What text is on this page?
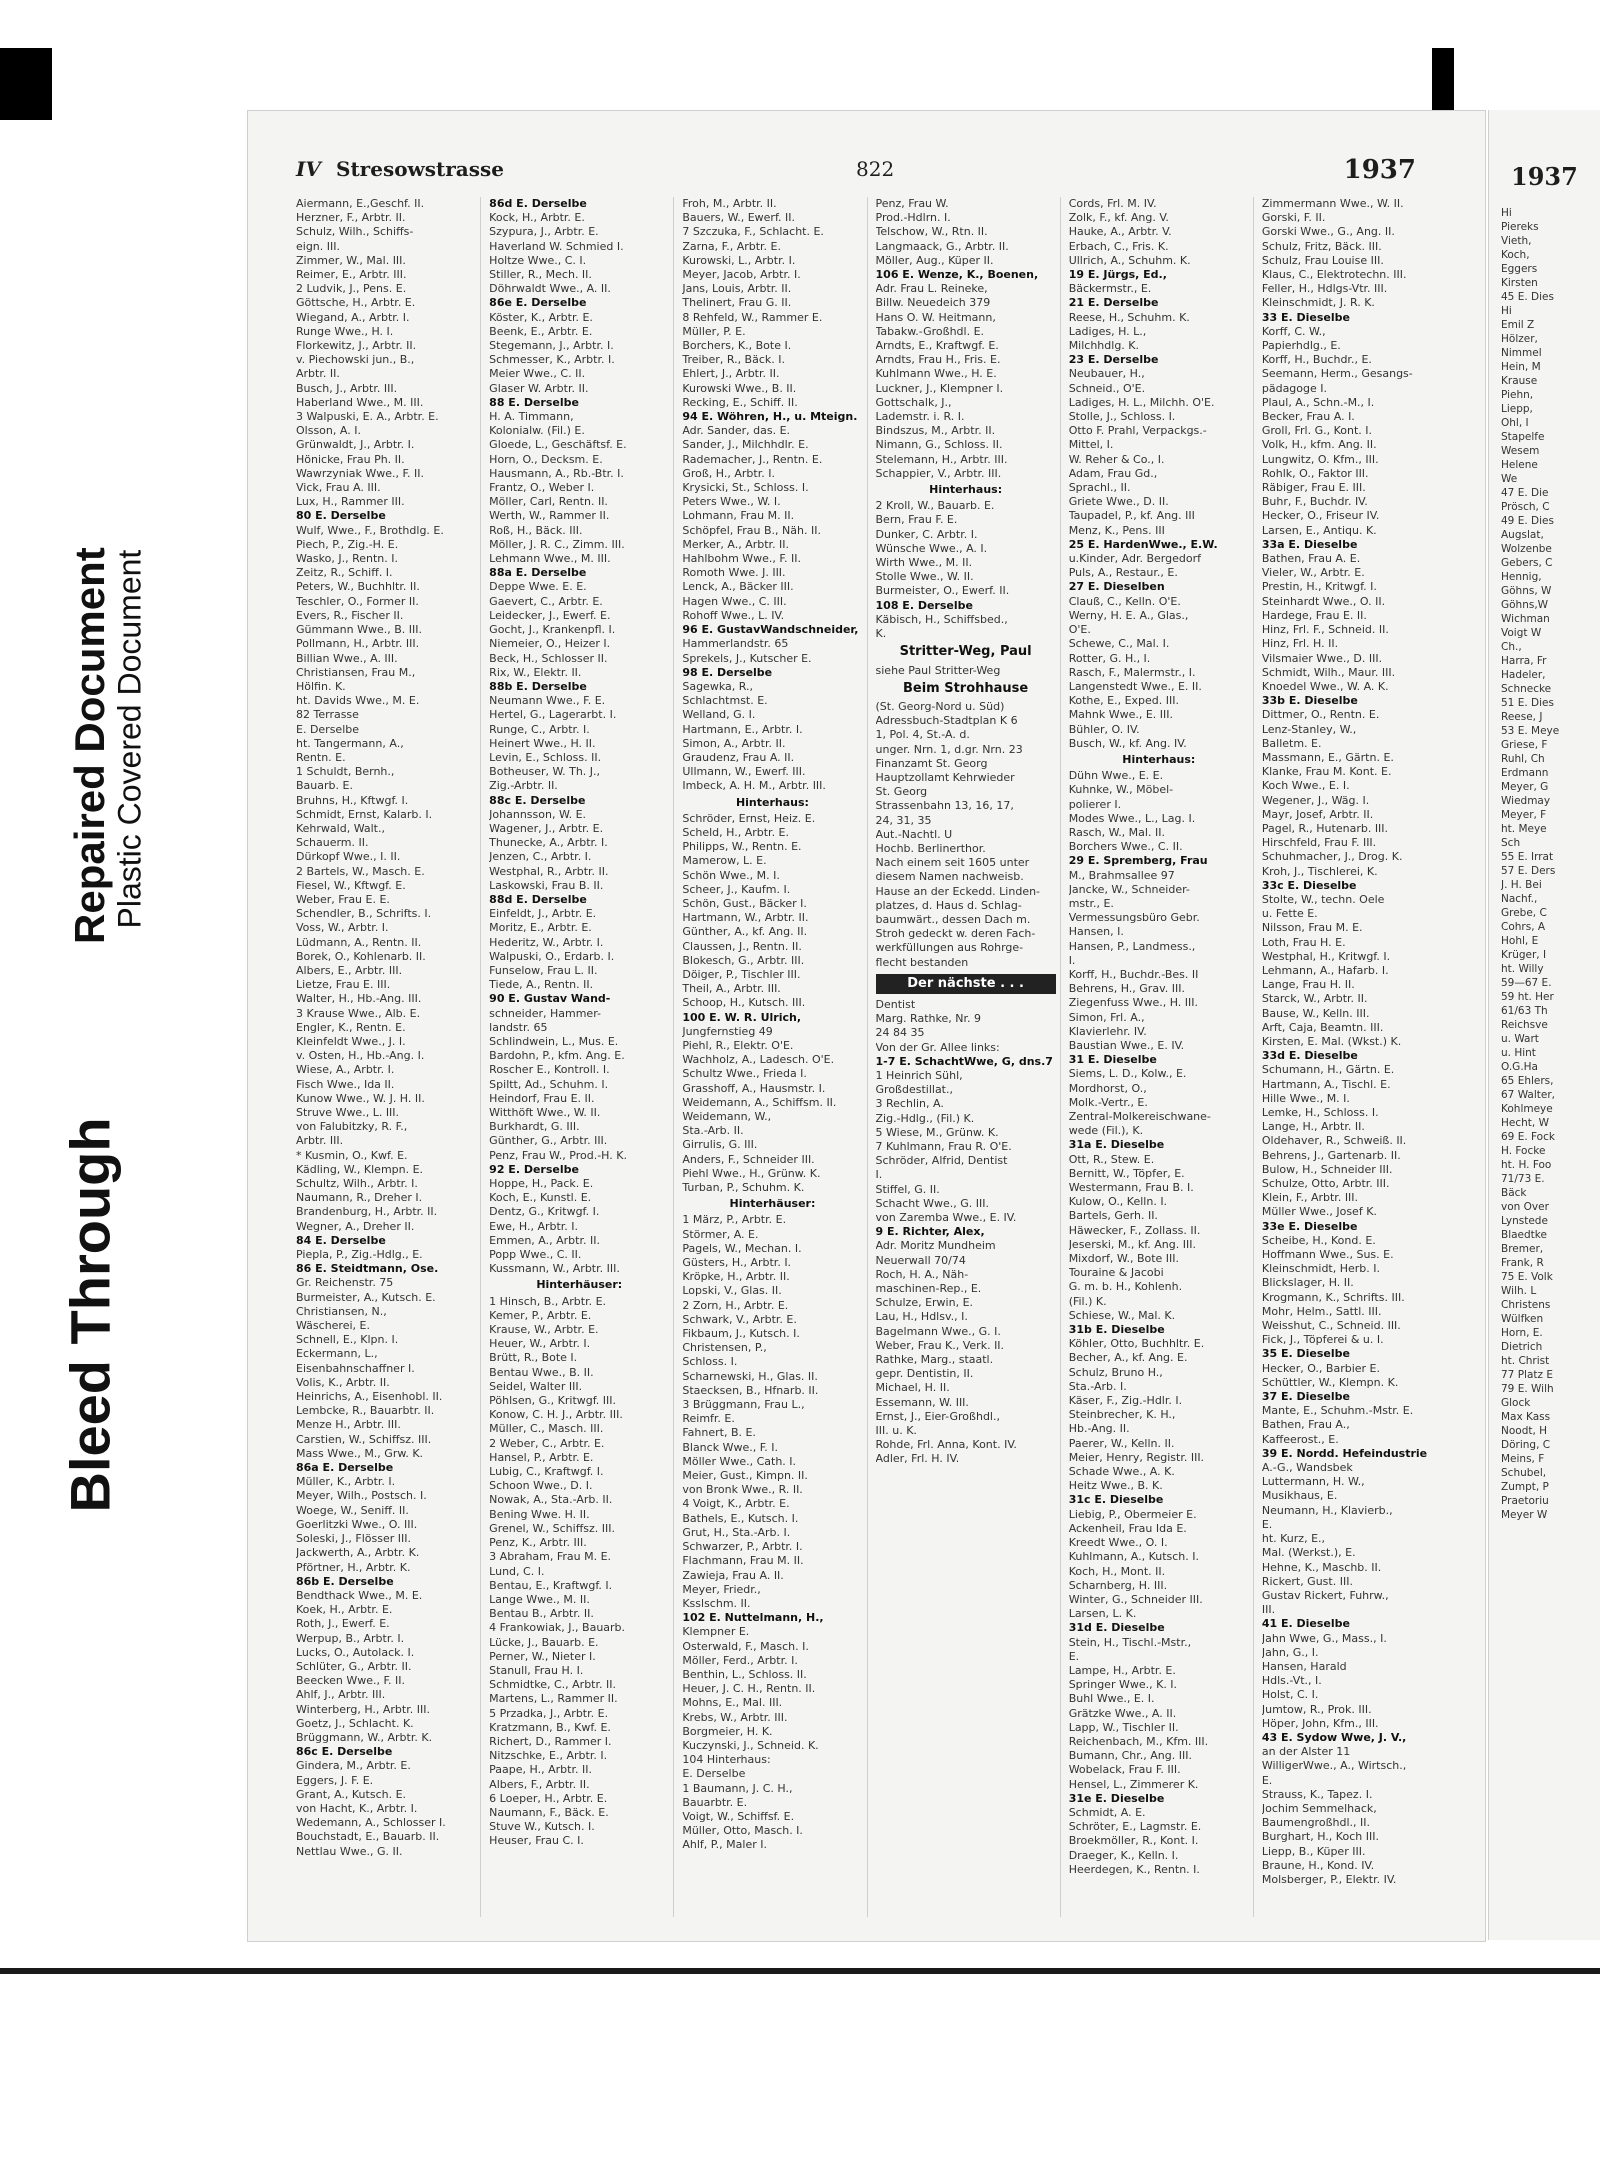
Bleed Through
Repaired Document
Plastic Covered Document
IV Stresowstrasse	822	1937
Aiermann, E.,Geschf. II.
Herzner, F., Arbtr. II.
Schulz, Wilh., Schiffs-
eign. III.
Zimmer, W., Mal. III.
Reimer, E., Arbtr. III.
2 Ludvik, J., Pens. E.
Göttsche, H., Arbtr. E.
Wiegand, A., Arbtr. I.
Runge Wwe., H. I.
Florkewitz, J., Arbtr. II.
v. Piechowski jun., B.,
Arbtr. II.
Busch, J., Arbtr. III.
Haberland Wwe., M. III.
3 Walpuski, E. A., Arbtr. E.
Olsson, A. I.
Grünwaldt, J., Arbtr. I.
Hönicke, Frau Ph. II.
Wawrzyniak Wwe., F. II.
Vick, Frau A. III.
Lux, H., Rammer III.
80 E. Derselbe
Wulf, Wwe., F., Brothdlg. E.
Piech, P., Zig.-H. E.
Wasko, J., Rentn. I.
Zeitz, R., Schiff. I.
Peters, W., Buchhltr. II.
Teschler, O., Former II.
Evers, R., Fischer II.
Gümmann Wwe., B. III.
Pollmann, H., Arbtr. III.
Billian Wwe., A. III.
Christiansen, Frau M.,
Hölfin. K.
ht. Davids Wwe., M. E.
82 Terrasse
E. Derselbe
ht. Tangermann, A.,
Rentn. E.
1 Schuldt, Bernh.,
Bauarb. E.
Bruhns, H., Kftwgf. I.
Schmidt, Ernst, Kalarb. I.
Kehrwald, Walt.,
Schauerm. II.
Dürkopf Wwe., I. II.
2 Bartels, W., Masch. E.
Fiesel, W., Kftwgf. E.
Weber, Frau E. E.
Schendler, B., Schrifts. I.
Voss, W., Arbtr. I.
Lüdmann, A., Rentn. II.
Borek, O., Kohlenarb. II.
Albers, E., Arbtr. III.
Lietze, Frau E. III.
Walter, H., Hb.-Ang. III.
3 Krause Wwe., Alb. E.
Engler, K., Rentn. E.
Kleinfeldt Wwe., J. I.
v. Osten, H., Hb.-Ang. I.
Wiese, A., Arbtr. I.
Fisch Wwe., Ida II.
Kunow Wwe., W. J. H. II.
Struve Wwe., L. III.
von Falubitzky, R. F.,
Arbtr. III.
* Kusmin, O., Kwf. E.
Kädling, W., Klempn. E.
Schultz, Wilh., Arbtr. I.
Naumann, R., Dreher I.
Brandenburg, H., Arbtr. II.
Wegner, A., Dreher II.
84 E. Derselbe
Piepla, P., Zig.-Hdlg., E.
86 E. Steidtmann, Ose.
Gr. Reichenstr. 75
Burmeister, A., Kutsch. E.
Christiansen, N.,
Wäscherei, E.
Schnell, E., Klpn. I.
Eckermann, L.,
Eisenbahnschaffner I.
Volis, K., Arbtr. II.
Heinrichs, A., Eisenhobl. II.
Lembcke, R., Bauarbtr. II.
Menze H., Arbtr. III.
Carstien, W., Schiffsz. III.
Mass Wwe., M., Grw. K.
86a E. Derselbe
Müller, K., Arbtr. I.
Meyer, Wilh., Postsch. I.
Woege, W., Seniff. II.
Goerlitzki Wwe., O. III.
Soleski, J., Flösser III.
Jackwerth, A., Arbtr. K.
Pförtner, H., Arbtr. K.
86b E. Derselbe
Bendthack Wwe., M. E.
Koek, H., Arbtr. E.
Roth, J., Ewerf. E.
Werpup, B., Arbtr. I.
Lucks, O., Autolack. I.
Schlüter, G., Arbtr. II.
Beecken Wwe., F. II.
Ahlf, J., Arbtr. III.
Winterberg, H., Arbtr. III.
Goetz, J., Schlacht. K.
Brüggmann, W., Arbtr. K.
86c E. Derselbe
Gindera, M., Arbtr. E.
Eggers, J. F. E.
Grant, A., Kutsch. E.
von Hacht, K., Arbtr. I.
Wedemann, A., Schlosser I.
Bouchstadt, E., Bauarb. II.
Nettlau Wwe., G. II.
86d E. Derselbe
Kock, H., Arbtr. E.
Szypura, J., Arbtr. E.
Haverland W. Schmied I.
Holtze Wwe., C. I.
Stiller, R., Mech. II.
Döhrwaldt Wwe., A. II.
86e E. Derselbe
Köster, K., Arbtr. E.
Beenk, E., Arbtr. E.
Stegemann, J., Arbtr. I.
Schmesser, K., Arbtr. I.
Meier Wwe., C. II.
Glaser W. Arbtr. II.
88 E. Derselbe
H. A. Timmann,
Kolonialw. (Fil.) E.
Gloede, L., Geschäftsf. E.
Horn, O., Decksm. E.
Hausmann, A., Rb.-Btr. I.
Frantz, O., Weber I.
Möller, Carl, Rentn. II.
Werth, W., Rammer II.
Roß, H., Bäck. III.
Möller, J. R. C., Zimm. III.
Lehmann Wwe., M. III.
88a E. Derselbe
Deppe Wwe. E. E.
Gaevert, C., Arbtr. E.
Leidecker, J., Ewerf. E.
Gocht, J., Krankenpfl. I.
Niemeier, O., Heizer I.
Beck, H., Schlosser II.
Rix, W., Elektr. II.
88b E. Derselbe
Neumann Wwe., F. E.
Hertel, G., Lagerarbt. I.
Runge, C., Arbtr. I.
Heinert Wwe., H. II.
Levin, E., Schloss. II.
Botheuser, W. Th. J.,
Zig.-Arbtr. II.
88c E. Derselbe
Johannsson, W. E.
Wagener, J., Arbtr. E.
Thunecke, A., Arbtr. I.
Jenzen, C., Arbtr. I.
Westphal, R., Arbtr. II.
Laskowski, Frau B. II.
88d E. Derselbe
Einfeldt, J., Arbtr. E.
Moritz, E., Arbtr. E.
Hederitz, W., Arbtr. I.
Walpuski, O., Erdarb. I.
Funselow, Frau L. II.
Tiede, A., Rentn. II.
90 E. Gustav Wand-
schneider, Hammer-
landstr. 65
Schlindwein, L., Mus. E.
Bardohn, P., kfm. Ang. E.
Roscher E., Kontroll. I.
Spiltt, Ad., Schuhm. I.
Heindorf, Frau E. II.
Witthöft Wwe., W. II.
Burkhardt, G. III.
Günther, G., Arbtr. III.
Penz, Frau W., Prod.-H. K.
92 E. Derselbe
Hoppe, H., Pack. E.
Koch, E., Kunstl. E.
Dentz, G., Kritwgf. I.
Ewe, H., Arbtr. I.
Emmen, A., Arbtr. II.
Popp Wwe., C. II.
Kussmann, W., Arbtr. III.
Hinterhäuser:
1 Hinsch, B., Arbtr. E.
Kemer, P., Arbtr. E.
Krause, W., Arbtr. E.
Heuer, W., Arbtr. I.
Brütt, R., Bote I.
Bentau Wwe., B. II.
Seidel, Walter III.
Pöhlsen, G., Kritwgf. III.
Konow, C. H. J., Arbtr. III.
Müller, C., Masch. III.
2 Weber, C., Arbtr. E.
Hansel, P., Arbtr. E.
Lubig, C., Kraftwgf. I.
Schoon Wwe., D. I.
Nowak, A., Sta.-Arb. II.
Bening Wwe. H. II.
Grenel, W., Schiffsz. III.
Penz, K., Arbtr. III.
3 Abraham, Frau M. E.
Lund, C. I.
Bentau, E., Kraftwgf. I.
Lange Wwe., M. II.
Bentau B., Arbtr. II.
4 Frankowiak, J., Bauarb.
Lücke, J., Bauarb. E.
Perner, W., Nieter I.
Stanull, Frau H. I.
Schmidtke, C., Arbtr. II.
Martens, L., Rammer II.
5 Przadka, J., Arbtr. E.
Kratzmann, B., Kwf. E.
Richert, D., Rammer I.
Nitzschke, E., Arbtr. I.
Paape, H., Arbtr. II.
Albers, F., Arbtr. II.
6 Loeper, H., Arbtr. E.
Naumann, F., Bäck. E.
Stuve W., Kutsch. I.
Heuser, Frau C. I.
Froh, M., Arbtr. II.
Bauers, W., Ewerf. II.
7 Szczuka, F., Schlacht. E.
Zarna, F., Arbtr. E.
Kurowski, L., Arbtr. I.
Meyer, Jacob, Arbtr. I.
Jans, Louis, Arbtr. II.
Thelinert, Frau G. II.
8 Rehfeld, W., Rammer E.
Müller, P. E.
Borchers, K., Bote I.
Treiber, R., Bäck. I.
Ehlert, J., Arbtr. II.
Kurowski Wwe., B. II.
Recking, E., Schiff. II.
94 E. Wöhren, H., u. Mteign.
Adr. Sander, das. E.
Sander, J., Milchhdlr. E.
Rademacher, J., Rentn. E.
Groß, H., Arbtr. I.
Krysicki, St., Schloss. I.
Peters Wwe., W. I.
Lohmann, Frau M. II.
Schöpfel, Frau B., Näh. II.
Merker, A., Arbtr. II.
Hahlbohm Wwe., F. II.
Romoth Wwe. J. III.
Lenck, A., Bäcker III.
Hagen Wwe., C. III.
Rohoff Wwe., L. IV.
96 E. GustavWandschneider,
Hammerlandstr. 65
Sprekels, J., Kutscher E.
98 E. Derselbe
Sagewka, R.,
Schlachtmst. E.
Welland, G. I.
Hartmann, E., Arbtr. I.
Simon, A., Arbtr. II.
Graudenz, Frau A. II.
Ullmann, W., Ewerf. III.
Imbeck, A. H. M., Arbtr. III.
Hinterhaus:
Schröder, Ernst, Heiz. E.
Scheld, H., Arbtr. E.
Philipps, W., Rentn. E.
Mamerow, L. E.
Schön Wwe., M. I.
Scheer, J., Kaufm. I.
Schön, Gust., Bäcker I.
Hartmann, W., Arbtr. II.
Günther, A., kf. Ang. II.
Claussen, J., Rentn. II.
Blokesch, G., Arbtr. III.
Döiger, P., Tischler III.
Theil, A., Arbtr. III.
Schoop, H., Kutsch. III.
100 E. W. R. Ulrich,
Jungfernstieg 49
Piehl, R., Elektr. O'E.
Wachholz, A., Ladesch. O'E.
Schultz Wwe., Frieda I.
Grasshoff, A., Hausmstr. I.
Weidemann, A., Schiffsm. II.
Weidemann, W.,
Sta.-Arb. II.
Girrulis, G. III.
Anders, F., Schneider III.
Piehl Wwe., H., Grünw. K.
Turban, P., Schuhm. K.
Hinterhäuser:
1 März, P., Arbtr. E.
Störmer, A. E.
Pagels, W., Mechan. I.
Güsters, H., Arbtr. I.
Kröpke, H., Arbtr. II.
Lopski, V., Glas. II.
2 Zorn, H., Arbtr. E.
Schwark, V., Arbtr. E.
Fikbaum, J., Kutsch. I.
Christensen, P.,
Schloss. I.
Scharnewski, H., Glas. II.
Staecksen, B., Hfnarb. II.
3 Brüggmann, Frau L.,
Reimfr. E.
Fahnert, B. E.
Blanck Wwe., F. I.
Möller Wwe., Cath. I.
Meier, Gust., Kimpn. II.
von Bronk Wwe., R. II.
4 Voigt, K., Arbtr. E.
Bathels, E., Kutsch. I.
Grut, H., Sta.-Arb. I.
Schwarzer, P., Arbtr. I.
Flachmann, Frau M. II.
Zawieja, Frau A. II.
Meyer, Friedr.,
Ksslschm. II.
102 E. Nuttelmann, H.,
Klempner E.
Osterwald, F., Masch. I.
Möller, Ferd., Arbtr. I.
Benthin, L., Schloss. II.
Heuer, J. C. H., Rentn. II.
Mohns, E., Mal. III.
Krebs, W., Arbtr. III.
Borgmeier, H. K.
Kuczynski, J., Schneid. K.
104 Hinterhaus:
E. Derselbe
1 Baumann, J. C. H.,
Bauarbtr. E.
Voigt, W., Schiffsf. E.
Müller, Otto, Masch. I.
Ahlf, P., Maler I.
Penz, Frau W.
Prod.-Hdlrn. I.
Telschow, W., Rtn. II.
Langmaack, G., Arbtr. II.
Möller, Aug., Küper II.
106 E. Wenze, K., Boenen,
Adr. Frau L. Reineke,
Billw. Neuedeich 379
Hans O. W. Heitmann,
Tabakw.-Großhdl. E.
Arndts, E., Kraftwgf. E.
Arndts, Frau H., Fris. E.
Kuhlmann Wwe., H. E.
Luckner, J., Klempner I.
Gottschalk, J.,
Lademstr. i. R. I.
Bindszus, M., Arbtr. II.
Nimann, G., Schloss. II.
Stelemann, H., Arbtr. III.
Schappier, V., Arbtr. III.
Hinterhaus:
2 Kroll, W., Bauarb. E.
Bern, Frau F. E.
Dunker, C. Arbtr. I.
Wünsche Wwe., A. I.
Wirth Wwe., M. II.
Stolle Wwe., W. II.
Burmeister, O., Ewerf. II.
108 E. Derselbe
Käbisch, H., Schiffsbed.,
K.
Stritter-Weg, Paul
siehe Paul Stritter-Weg
Beim Strohhause
(St. Georg-Nord u. Süd)
Adressbuch-Stadtplan K 6
1, Pol. 4, St.-A. d.
unger. Nrn. 1, d.gr. Nrn. 23
Finanzamt St. Georg
Hauptzollamt Kehrwieder
St. Georg
Strassenbahn 13, 16, 17,
24, 31, 35
Aut.-Nachtl. U
Hochb. Berlinerthor.
Nach einem seit 1605 unter
diesem Namen nachweisb.
Hause an der Eckedd. Linden-
platzes, d. Haus d. Schlag-
baumwärt., dessen Dach m.
Stroh gedeckt w. deren Fach-
werkfüllungen aus Rohrge-
flecht bestanden
Der nächste . . .
Dentist
Marg. Rathke, Nr. 9
24 84 35
Von der Gr. Allee links:
1-7 E. SchachtWwe, G, dns.7
1 Heinrich Sühl,
Großdestillat.,
3 Rechlin, A.
Zig.-Hdlg., (Fil.) K.
5 Wiese, M., Grünw. K.
7 Kuhlmann, Frau R. O'E.
Schröder, Alfrid, Dentist
I.
Stiffel, G. II.
Schacht Wwe., G. III.
von Zaremba Wwe., E. IV.
9 E. Richter, Alex,
Adr. Moritz Mundheim
Neuerwall 70/74
Roch, H. A., Näh-
maschinen-Rep., E.
Schulze, Erwin, E.
Lau, H., Hdlsv., I.
Bagelmann Wwe., G. I.
Weber, Frau K., Verk. II.
Rathke, Marg., staatl.
gepr. Dentistin, II.
Michael, H. II.
Essemann, W. III.
Ernst, J., Eier-Großhdl.,
III. u. K.
Rohde, Frl. Anna, Kont. IV.
Adler, Frl. H. IV.
Cords, Frl. M. IV.
Zolk, F., kf. Ang. V.
Hauke, A., Arbtr. V.
Erbach, C., Fris. K.
Ullrich, A., Schuhm. K.
19 E. Jürgs, Ed.,
Bäckermstr., E.
21 E. Derselbe
Reese, H., Schuhm. K.
Ladiges, H. L.,
Milchhdlg. K.
23 E. Derselbe
Neubauer, H.,
Schneid., O'E.
Ladiges, H. L., Milchh. O'E.
Stolle, J., Schloss. I.
Otto F. Prahl, Verpackgs.-
Mittel, I.
W. Reher & Co., I.
Adam, Frau Gd.,
Sprachl., II.
Griete Wwe., D. II.
Taupadel, P., kf. Ang. III
Menz, K., Pens. III
25 E. HardenWwe., E.W.
u.Kinder, Adr. Bergedorf
Puls, A., Restaur., E.
27 E. Dieselben
Clauß, C., Kelln. O'E.
Werny, H. E. A., Glas.,
O'E.
Schewe, C., Mal. I.
Rotter, G. H., I.
Rasch, F., Malermstr., I.
Langenstedt Wwe., E. II.
Kothe, E., Exped. III.
Mahnk Wwe., E. III.
Bühler, O. IV.
Busch, W., kf. Ang. IV.
Hinterhaus:
Dühn Wwe., E. E.
Kuhnke, W., Möbel-
polierer I.
Modes Wwe., L., Lag. I.
Rasch, W., Mal. II.
Borchers Wwe., C. II.
29 E. Spremberg, Frau
M., Brahmsallee 97
Jancke, W., Schneider-
mstr., E.
Vermessungsbüro Gebr.
Hansen, I.
Hansen, P., Landmess.,
I.
Korff, H., Buchdr.-Bes. II
Behrens, H., Grav. III.
Ziegenfuss Wwe., H. III.
Simon, Frl. A.,
Klavierlehr. IV.
Baustian Wwe., E. IV.
31 E. Dieselbe
Siems, L. D., Kolw., E.
Mordhorst, O.,
Molk.-Vertr., E.
Zentral-Molkereischwane-
wede (Fil.), K.
31a E. Dieselbe
Ott, R., Stew. E.
Bernitt, W., Töpfer, E.
Westermann, Frau B. I.
Kulow, O., Kelln. I.
Bartels, Gerh. II.
Häwecker, F., Zollass. II.
Jeserski, M., kf. Ang. III.
Mixdorf, W., Bote III.
Touraine & Jacobi
G. m. b. H., Kohlenh.
(Fil.) K.
Schiese, W., Mal. K.
31b E. Dieselbe
Köhler, Otto, Buchhltr. E.
Becher, A., kf. Ang. E.
Schulz, Bruno H.,
Sta.-Arb. I.
Käser, F., Zig.-Hdlr. I.
Steinbrecher, K. H.,
Hb.-Ang. II.
Paerer, W., Kelln. II.
Meier, Henry, Registr. III.
Schade Wwe., A. K.
Heitz Wwe., B. K.
31c E. Dieselbe
Liebig, P., Obermeier E.
Ackenheil, Frau Ida E.
Kreedt Wwe., O. I.
Kuhlmann, A., Kutsch. I.
Koch, H., Mont. II.
Scharnberg, H. III.
Winter, G., Schneider III.
Larsen, L. K.
31d E. Dieselbe
Stein, H., Tischl.-Mstr.,
E.
Lampe, H., Arbtr. E.
Springer Wwe., K. I.
Buhl Wwe., E. I.
Grätzke Wwe., A. II.
Lapp, W., Tischler II.
Reichenbach, M., Kfm. III.
Bumann, Chr., Ang. III.
Wobelack, Frau F. III.
Hensel, L., Zimmerer K.
31e E. Dieselbe
Schmidt, A. E.
Schröter, E., Lagmstr. E.
Broekmöller, R., Kont. I.
Draeger, K., Kelln. I.
Heerdegen, K., Rentn. I.
Zimmermann Wwe., W. II.
Gorski, F. II.
Gorski Wwe., G., Ang. II.
Schulz, Fritz, Bäck. III.
Schulz, Frau Louise III.
Klaus, C., Elektrotechn. III.
Feller, H., Hdlgs-Vtr. III.
Kleinschmidt, J. R. K.
33 E. Dieselbe
Korff, C. W.,
Papierhdlg., E.
Korff, H., Buchdr., E.
Seemann, Herm., Gesangs-
pädagoge I.
Plaul, A., Schn.-M., I.
Becker, Frau A. I.
Groll, Frl. G., Kont. I.
Volk, H., kfm. Ang. II.
Lungwitz, O. Kfm., III.
Rohlk, O., Faktor III.
Räbiger, Frau E. III.
Buhr, F., Buchdr. IV.
Hecker, O., Friseur IV.
Larsen, E., Antiqu. K.
33a E. Dieselbe
Bathen, Frau A. E.
Vieler, W., Arbtr. E.
Prestin, H., Kritwgf. I.
Steinhardt Wwe., O. II.
Hardege, Frau E. II.
Hinz, Frl. F., Schneid. II.
Hinz, Frl. H. II.
Vilsmaier Wwe., D. III.
Schmidt, Wilh., Maur. III.
Knoedel Wwe., W. A. K.
33b E. Dieselbe
Dittmer, O., Rentn. E.
Lenz-Stanley, W.,
Balletm. E.
Massmann, E., Gärtn. E.
Klanke, Frau M. Kont. E.
Koch Wwe., E. I.
Wegener, J., Wäg. I.
Mayr, Josef, Arbtr. II.
Pagel, R., Hutenarb. III.
Hirschfeld, Frau F. III.
Schuhmacher, J., Drog. K.
Kroh, J., Tischlerei, K.
33c E. Dieselbe
Stolte, W., techn. Oele
u. Fette E.
Nilsson, Frau M. E.
Loth, Frau H. E.
Westphal, H., Kritwgf. I.
Lehmann, A., Hafarb. I.
Lange, Frau H. II.
Starck, W., Arbtr. II.
Bause, W., Kelln. III.
Arft, Caja, Beamtn. III.
Kirsten, E. Mal. (Wkst.) K.
33d E. Dieselbe
Schumann, H., Gärtn. E.
Hartmann, A., Tischl. E.
Hille Wwe., M. I.
Lemke, H., Schloss. I.
Lange, H., Arbtr. II.
Oldehaver, R., Schweiß. II.
Behrens, J., Gartenarb. II.
Bulow, H., Schneider III.
Schulze, Otto, Arbtr. III.
Klein, F., Arbtr. III.
Müller Wwe., Josef K.
33e E. Dieselbe
Scheibe, H., Kond. E.
Hoffmann Wwe., Sus. E.
Kleinschmidt, Herb. I.
Blickslager, H. II.
Krogmann, K., Schrifts. III.
Mohr, Helm., Sattl. III.
Weisshut, C., Schneid. III.
Fick, J., Töpferei & u. I.
35 E. Dieselbe
Hecker, O., Barbier E.
Schüttler, W., Klempn. K.
37 E. Dieselbe
Mante, E., Schuhm.-Mstr. E.
Bathen, Frau A.,
Kaffeerost., E.
39 E. Nordd. Hefeindustrie
A.-G., Wandsbek
Luttermann, H. W.,
Musikhaus, E.
Neumann, H., Klavierb.,
E.
ht. Kurz, E.,
Mal. (Werkst.), E.
Hehne, K., Maschb. II.
Rickert, Gust. III.
Gustav Rickert, Fuhrw.,
III.
41 E. Dieselbe
Jahn Wwe, G., Mass., I.
Jahn, G., I.
Hansen, Harald
Hdls.-Vt., I.
Holst, C. I.
Jumtow, R., Prok. III.
Höper, John, Kfm., III.
43 E. Sydow Wwe, J. V.,
an der Alster 11
WilligerWwe., A., Wirtsch.,
E.
Strauss, K., Tapez. I.
Jochim Semmelhack,
Baumengroßhdl., II.
Burghart, H., Koch III.
Liepp, B., Küper III.
Braune, H., Kond. IV.
Molsberger, P., Elektr. IV.
1937
Hi
Piereks
Vieth,
Koch,
Eggers
Kirsten
45 E. Dies
Hi
Emil Z
Hölzer,
Nimmel
Hein, M
Krause
Piehn,
Liepp,
Ohl, I
Stapelfe
Wesem
Helene
We
47 E. Die
Prösch, C
49 E. Dies
Augslat,
Wolzenbe
Gebers, C
Hennig,
Göhns, W
Göhns,W
Wichman
Voigt W
Ch.,
Harra, Fr
Hadeler,
Schnecke
51 E. Dies
Reese, J
53 E. Meye
Griese, F
Ruhl, Ch
Erdmann
Meyer, G
Wiedmay
Meyer, F
ht. Meye
Sch
55 E. Irrat
57 E. Ders
J. H. Bei
Nachf.,
Grebe, C
Cohrs, A
Hohl, E
Krüger, I
ht. Willy
59—67 E.
59 ht. Her
61/63 Th
Reichsve
u. Wart
u. Hint
O.G.Ha
65 Ehlers,
67 Walter,
Kohlmeye
Hecht, W
69 E. Fock
H. Focke
ht. H. Foo
71/73 E.
Bäck
von Over
Lynstede
Blaedtke
Bremer,
Frank, R
75 E. Volk
Wilh. L
Christens
Wülfken
Horn, E.
Dietrich
ht. Christ
77 Platz E
79 E. Wilh
Glock
Max Kass
Noodt, H
Döring, C
Meins, F
Schubel,
Zumpt, P
Praetoriu
Meyer W
